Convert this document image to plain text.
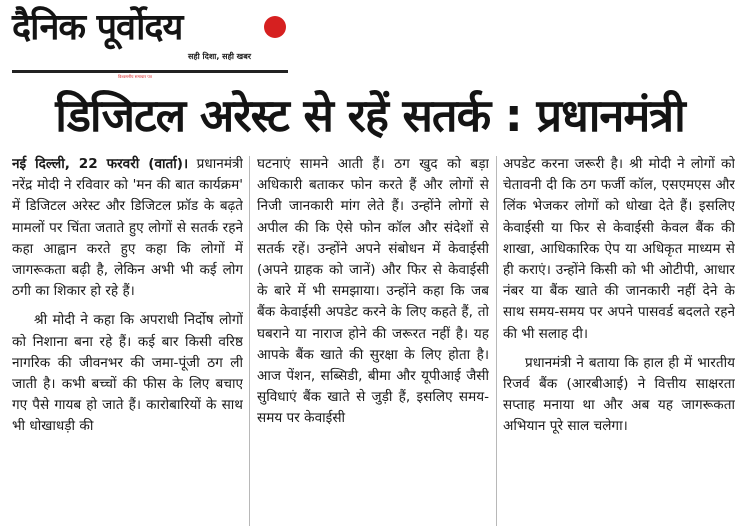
दैनिक पूर्वोदय
सही दिशा, सही खबर
विश्वसनीय समाचार पत्र
डिजिटल अरेस्ट से रहें सतर्क : प्रधानमंत्री

नई दिल्ली, 22 फरवरी (वार्ता)। प्रधानमंत्री नरेंद्र मोदी ने रविवार को 'मन की बात कार्यक्रम' में डिजिटल अरेस्ट और डिजिटल फ्रॉड के बढ़ते मामलों पर चिंता जताते हुए लोगों से सतर्क रहने कहा आह्वान करते हुए कहा कि लोगों में जागरूकता बढ़ी है, लेकिन अभी भी कई लोग ठगी का शिकार हो रहे हैं।

श्री मोदी ने कहा कि अपराधी निर्दोष लोगों को निशाना बना रहे हैं। कई बार किसी वरिष्ठ नागरिक की जीवनभर की जमा-पूंजी ठग ली जाती है। कभी बच्चों की फीस के लिए बचाए गए पैसे गायब हो जाते हैं। कारोबारियों के साथ भी धोखाधड़ी की

घटनाएं सामने आती हैं। ठग खुद को बड़ा अधिकारी बताकर फोन करते हैं और लोगों से निजी जानकारी मांग लेते हैं। उन्होंने लोगों से अपील की कि ऐसे फोन कॉल और संदेशों से सतर्क रहें। उन्होंने अपने संबोधन में केवाईसी (अपने ग्राहक को जानें) और फिर से केवाईसी के बारे में भी समझाया। उन्होंने कहा कि जब बैंक केवाईसी अपडेट करने के लिए कहते हैं, तो घबराने या नाराज होने की जरूरत नहीं है। यह आपके बैंक खाते की सुरक्षा के लिए होता है। आज पेंशन, सब्सिडी, बीमा और यूपीआई जैसी सुविधाएं बैंक खाते से जुड़ी हैं, इसलिए समय-समय पर केवाईसी

अपडेट करना जरूरी है। श्री मोदी ने लोगों को चेतावनी दी कि ठग फर्जी कॉल, एसएमएस और लिंक भेजकर लोगों को धोखा देते हैं। इसलिए केवाईसी या फिर से केवाईसी केवल बैंक की शाखा, आधिकारिक ऐप या अधिकृत माध्यम से ही कराएं। उन्होंने किसी को भी ओटीपी, आधार नंबर या बैंक खाते की जानकारी नहीं देने के साथ समय-समय पर अपने पासवर्ड बदलते रहने की भी सलाह दी।

प्रधानमंत्री ने बताया कि हाल ही में भारतीय रिजर्व बैंक (आरबीआई) ने वित्तीय साक्षरता सप्ताह मनाया था और अब यह जागरूकता अभियान पूरे साल चलेगा।
